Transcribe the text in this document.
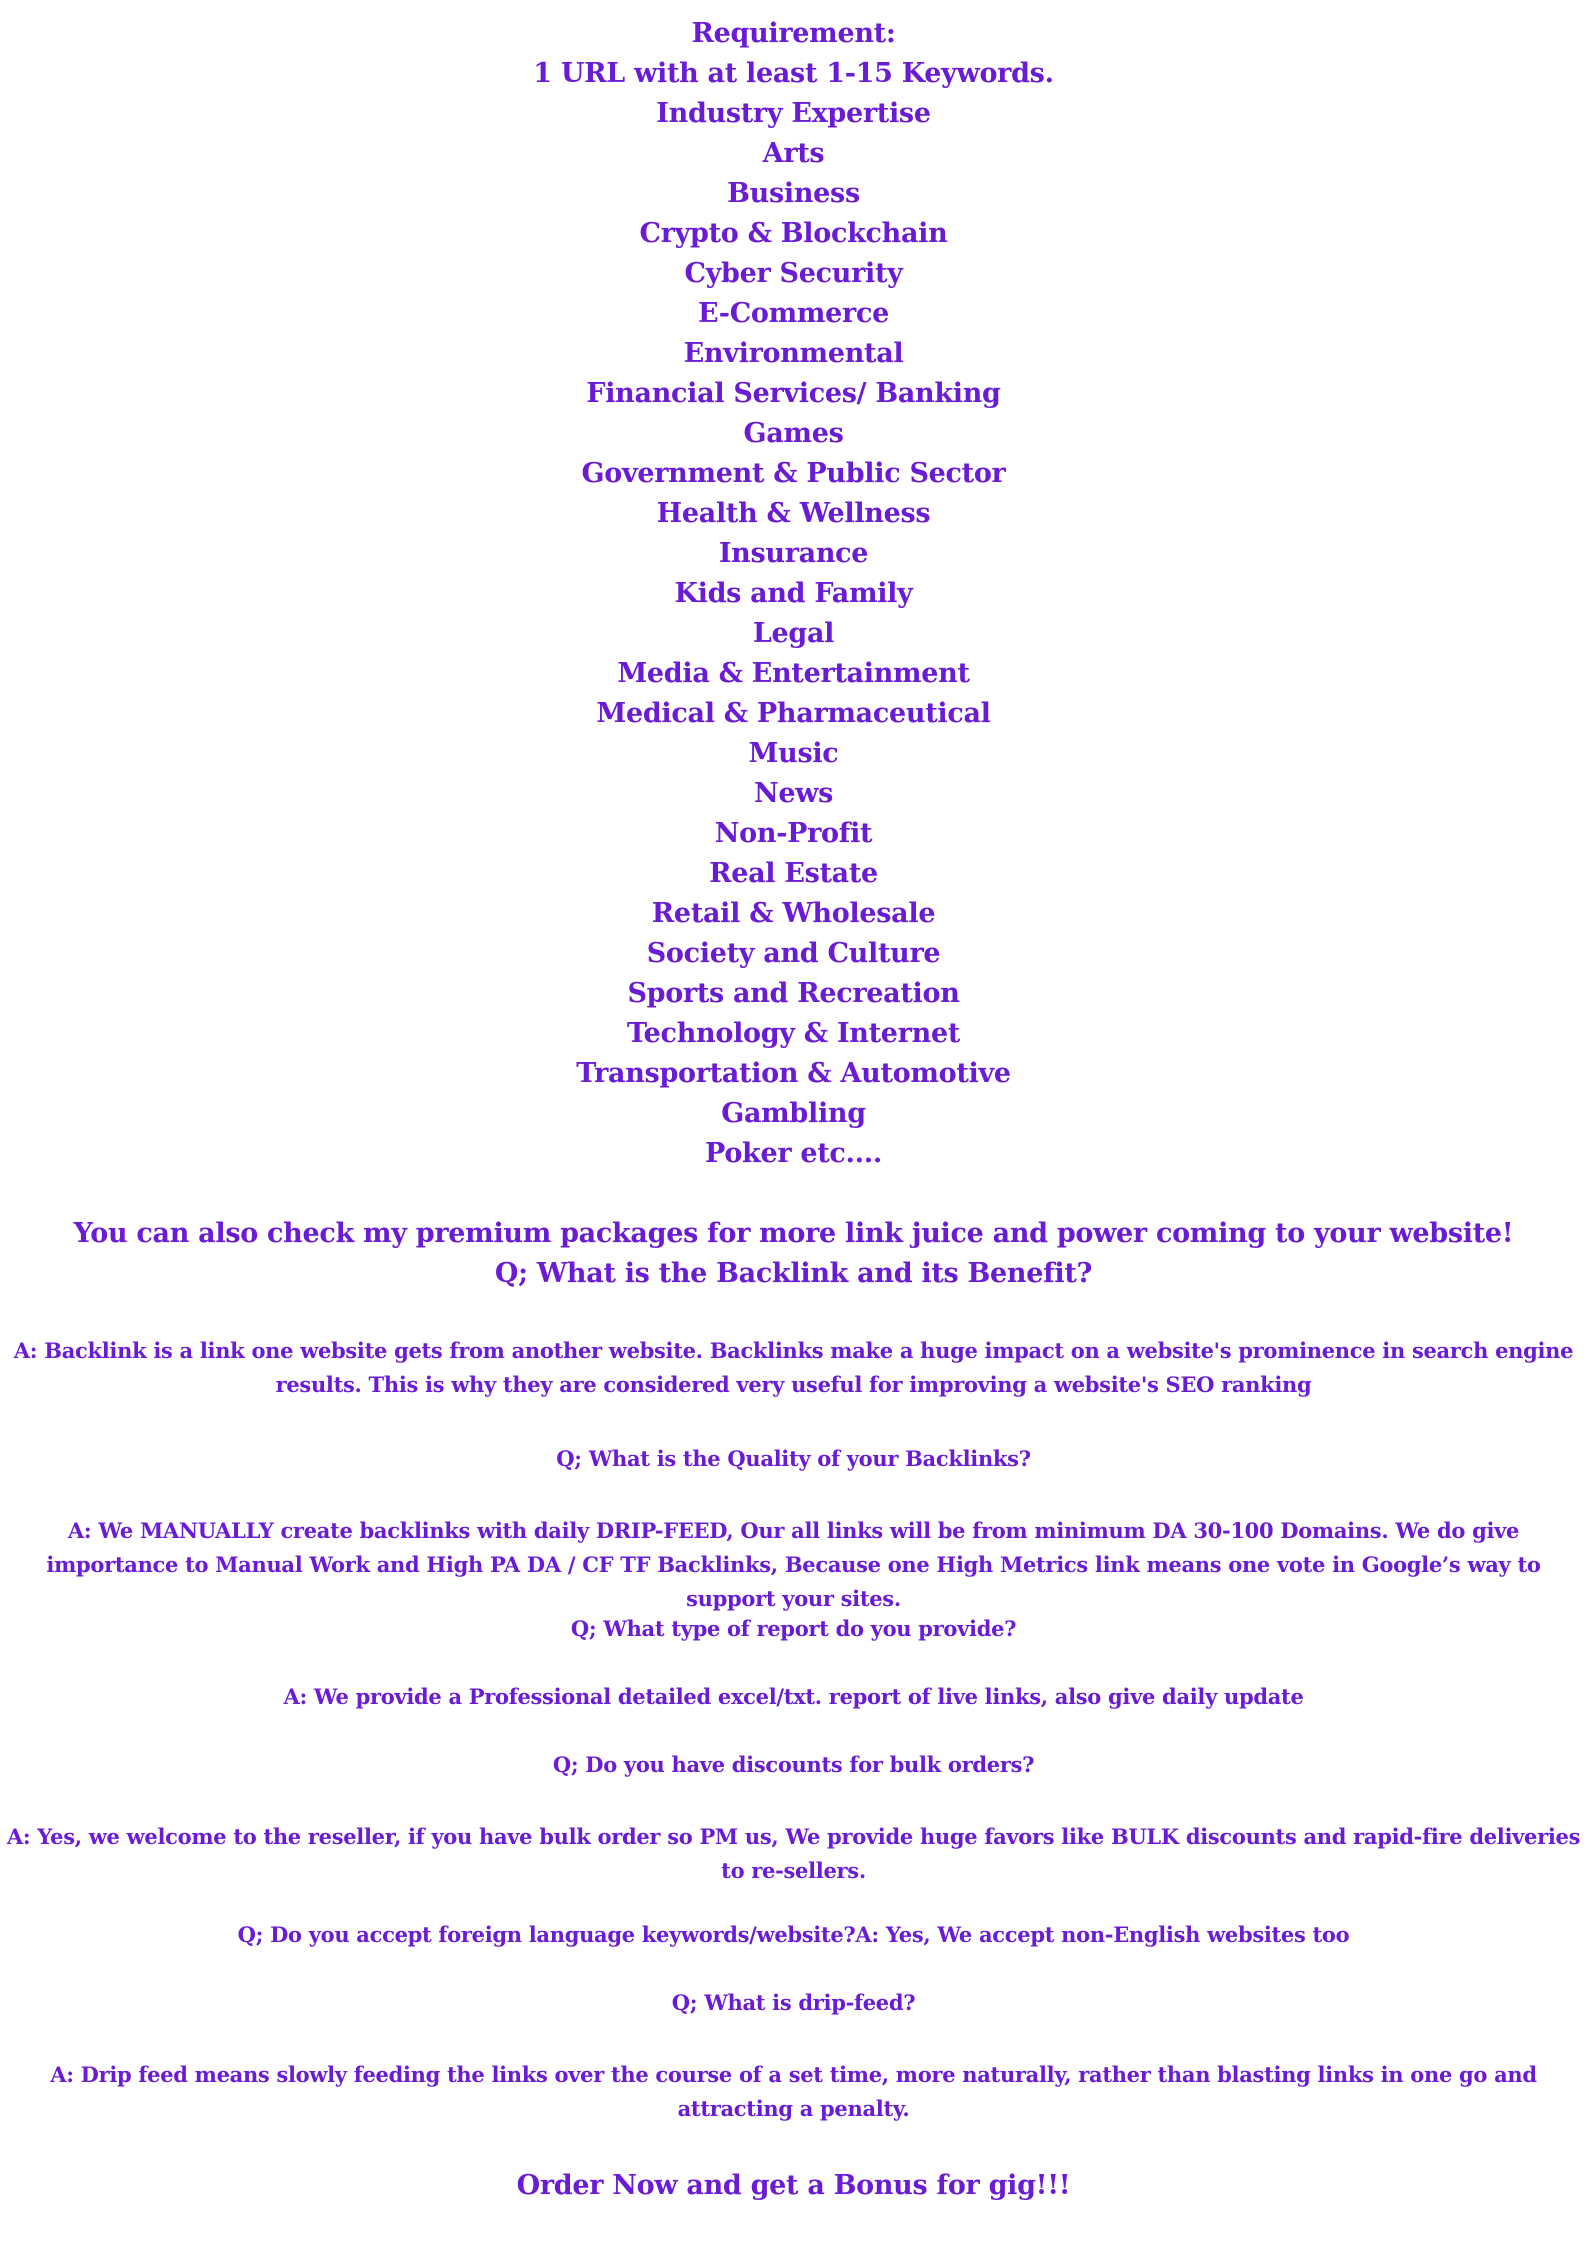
Requirement:
1 URL with at least 1-15 Keywords.
Industry Expertise
Arts
Business
Crypto & Blockchain
Cyber Security
E-Commerce
Environmental
Financial Services/ Banking
Games
Government & Public Sector
Health & Wellness
Insurance
Kids and Family
Legal
Media & Entertainment
Medical & Pharmaceutical
Music
News
Non-Profit
Real Estate
Retail & Wholesale
Society and Culture
Sports and Recreation
Technology & Internet
Transportation & Automotive
Gambling
Poker etc....
You can also check my premium packages for more link juice and power coming to your website!
Q; What is the Backlink and its Benefit?
A: Backlink is a link one website gets from another website. Backlinks make a huge impact on a website's prominence in search engine results. This is why they are considered very useful for improving a website's SEO ranking
Q; What is the Quality of your Backlinks?
A: We MANUALLY create backlinks with daily DRIP-FEED, Our all links will be from minimum DA 30-100 Domains. We do give importance to Manual Work and High PA DA / CF TF Backlinks, Because one High Metrics link means one vote in Google’s way to support your sites.
Q; What type of report do you provide?
A: We provide a Professional detailed excel/txt. report of live links, also give daily update
Q; Do you have discounts for bulk orders?
A: Yes, we welcome to the reseller, if you have bulk order so PM us, We provide huge favors like BULK discounts and rapid-fire deliveries to re-sellers.
Q; Do you accept foreign language keywords/website?A: Yes, We accept non-English websites too
Q; What is drip-feed?
A: Drip feed means slowly feeding the links over the course of a set time, more naturally, rather than blasting links in one go and attracting a penalty.
Order Now and get a Bonus for gig!!!
